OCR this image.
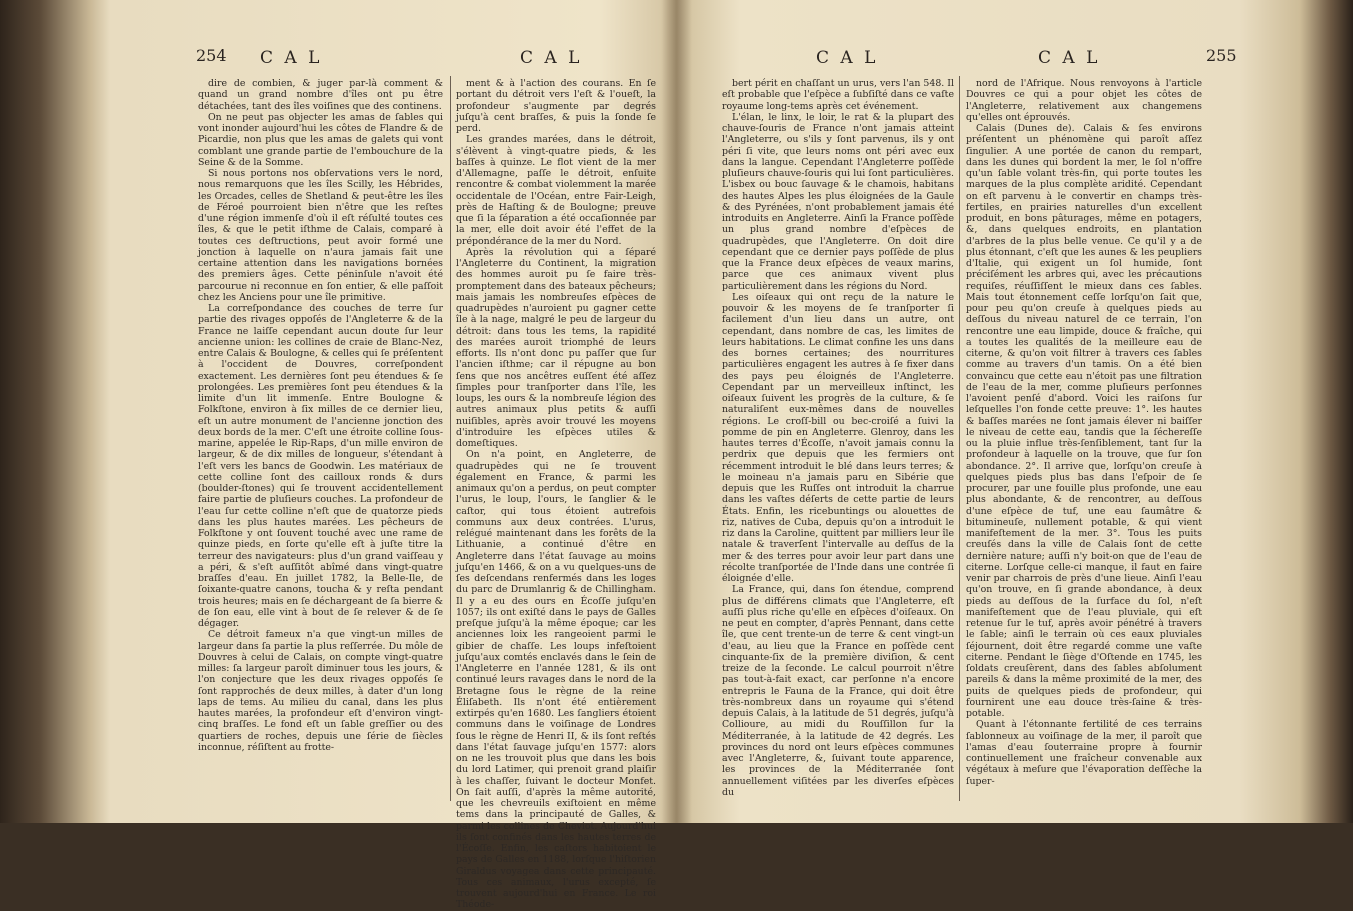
254 C A L	C A L

dire de combien, & juger par-là comment & quand un grand nombre d'îles ont pu être détachées, tant des îles voiſines que des continens.

On ne peut pas objecter les amas de ſables qui vont inonder aujourd'hui les côtes de Flandre & de Picardie, non plus que les amas de galets qui vont comblant une grande partie de l'embouchure de la Seine & de la Somme.

Si nous portons nos obſervations vers le nord, nous remarquons que les îles Scilly, les Hébrides, les Orcades, celles de Shetland & peut-être les îles de Féroé pourroient bien n'être que les reſtes d'une région immenſe d'où il eſt réſulté toutes ces îles, & que le petit iſthme de Calais, comparé à toutes ces deſtructions, peut avoir formé une jonction à laquelle on n'aura jamais fait une certaine attention dans les navigations bornées des premiers âges. Cette péninſule n'avoit été parcourue ni reconnue en ſon entier, & elle paſſoit chez les Anciens pour une île primitive.

La correſpondance des couches de terre ſur partie des rivages oppoſés de l'Angleterre & de la France ne laiſſe cependant aucun doute ſur leur ancienne union: les collines de craie de Blanc-Nez, entre Calais & Boulogne, & celles qui ſe préſentent à l'occident de Douvres, correſpondent exactement. Les dernières ſont peu étendues & ſe prolongées. Les premières ſont peu étendues & la limite d'un lit immenſe. Entre Boulogne & Folkſtone, environ à ſix milles de ce dernier lieu, eſt un autre monument de l'ancienne jonction des deux bords de la mer. C'eſt une étroite colline ſous-marine, appelée le Rip-Raps, d'un mille environ de largeur, & de dix milles de longueur, s'étendant à l'eſt vers les bancs de Goodwin. Les matériaux de cette colline ſont des cailloux ronds & durs (boulder-ſtones) qui ſe trouvent accidentellement faire partie de pluſieurs couches. La profondeur de l'eau ſur cette colline n'eſt que de quatorze pieds dans les plus hautes marées. Les pêcheurs de Folkſtone y ont ſouvent touché avec une rame de quinze pieds, en ſorte qu'elle eſt à juſte titre la terreur des navigateurs: plus d'un grand vaiſſeau y a péri, & s'eſt auſſitôt abîmé dans vingt-quatre braſſes d'eau. En juillet 1782, la Belle-Ile, de ſoixante-quatre canons, toucha & y reſta pendant trois heures; mais en ſe déchargeant de ſa bierre & de ſon eau, elle vint à bout de ſe relever & de ſe dégager.

Ce détroit fameux n'a que vingt-un milles de largeur dans ſa partie la plus reſſerrée. Du môle de Douvres à celui de Calais, on compte vingt-quatre milles: ſa largeur paroît diminuer tous les jours, & l'on conjecture que les deux rivages oppoſés ſe ſont rapprochés de deux milles, à dater d'un long laps de tems. Au milieu du canal, dans les plus hautes marées, la profondeur eſt d'environ vingt-cinq braſſes. Le fond eſt un ſable greſſier ou des quartiers de roches, depuis une ſérie de ſiècles inconnue, réſiſtent au frotte-

ment & à l'action des courans. En ſe portant du détroit vers l'eſt & l'oueſt, la profondeur s'augmente par degrés juſqu'à cent braſſes, & puis la ſonde ſe perd.

Les grandes marées, dans le détroit, s'élèvent à vingt-quatre pieds, & les baſſes à quinze. Le flot vient de la mer d'Allemagne, paſſe le détroit, enſuite rencontre & combat violemment la marée occidentale de l'Océan, entre Fair-Leigh, près de Haſting & de Boulogne; preuve que ſi la ſéparation a été occaſionnée par la mer, elle doit avoir été l'effet de la prépondérance de la mer du Nord.

Après la révolution qui a ſéparé l'Angleterre du Continent, la migration des hommes auroit pu ſe faire très-promptement dans des bateaux pêcheurs; mais jamais les nombreuſes eſpèces de quadrupèdes n'auroient pu gagner cette île à la nage, malgré le peu de largeur du détroit: dans tous les tems, la rapidité des marées auroit triomphé de leurs efforts. Ils n'ont donc pu paſſer que ſur l'ancien iſthme; car il répugne au bon ſens que nos ancêtres euſſent été aſſez ſimples pour tranſporter dans l'île, les loups, les ours & la nombreuſe légion des autres animaux plus petits & auſſi nuiſibles, après avoir trouvé les moyens d'introduire les eſpèces utiles & domeſtiques.

On n'a point, en Angleterre, de quadrupèdes qui ne ſe trouvent également en France, & parmi les animaux qu'on a perdus, on peut compter l'urus, le loup, l'ours, le ſanglier & le caſtor, qui tous étoient autrefois communs aux deux contrées. L'urus, relégué maintenant dans les forêts de la Lithuanie, a continué d'être en Angleterre dans l'état ſauvage au moins juſqu'en 1466, & on a vu quelques-uns de ſes deſcendans renfermés dans les loges du parc de Drumlanrig & de Chillingham. Il y a eu des ours en Écoſſe juſqu'en 1057; ils ont exiſté dans le pays de Galles preſque juſqu'à la même époque; car les anciennes loix les rangeoient parmi le gibier de chaſſe. Les loups infeſtoient juſqu'aux comtés enclavés dans le ſein de l'Angleterre en l'année 1281, & ils ont continué leurs ravages dans le nord de la Bretagne ſous le règne de la reine Éliſabeth. Ils n'ont été entièrement extirpés qu'en 1680. Les ſangliers étoient communs dans le voiſinage de Londres ſous le règne de Henri II, & ils ſont reſtés dans l'état ſauvage juſqu'en 1577: alors on ne les trouvoit plus que dans les bois du lord Latimer, qui prenoit grand plaiſir à les chaſſer, ſuivant le docteur Monfet. On ſait auſſi, d'après la même autorité, que les chevreuils exiſtoient en même tems dans la principauté de Galles, & parmi les collines de Cheviot. Aujourd'hui ils ſont confinés dans les hautes terres de l'Écoſſe. Enfin, les caſtors habitoient le pays de Galles en 1188, lorſque l'hiſtorien Giraldus voyagea dans cette principauté. Tous ces animaux, l'urus excepté, ſe trouvent aujourd'hui en France. Le roi Théode-

C A L	C A L	255

bert périt en chaſſant un urus, vers l'an 548. Il eſt probable que l'eſpèce a ſubſiſté dans ce vaſte royaume long-tems après cet événement.

L'élan, le linx, le loir, le rat & la plupart des chauve-ſouris de France n'ont jamais atteint l'Angleterre, ou s'ils y ſont parvenus, ils y ont péri ſi vite, que leurs noms ont péri avec eux dans la langue. Cependant l'Angleterre poſſède pluſieurs chauve-ſouris qui lui ſont particulières. L'isbex ou bouc ſauvage & le chamois, habitans des hautes Alpes les plus éloignées de la Gaule & des Pyrénées, n'ont probablement jamais été introduits en Angleterre. Ainſi la France poſſède un plus grand nombre d'eſpèces de quadrupèdes, que l'Angleterre. On doit dire cependant que ce dernier pays poſſède de plus que la France deux eſpèces de veaux marins, parce que ces animaux vivent plus particulièrement dans les régions du Nord.

Les oiſeaux qui ont reçu de la nature le pouvoir & les moyens de ſe tranſporter ſi facilement d'un lieu dans un autre, ont cependant, dans nombre de cas, les limites de leurs habitations. Le climat confine les uns dans des bornes certaines; des nourritures particulières engagent les autres à ſe fixer dans des pays peu éloignés de l'Angleterre. Cependant par un merveilleux inſtinct, les oiſeaux ſuivent les progrès de la culture, & ſe naturaliſent eux-mêmes dans de nouvelles régions. Le croſſ-bill ou bec-croiſé a ſuivi la pomme de pin en Angleterre. Glenroy, dans les hautes terres d'Écoſſe, n'avoit jamais connu la perdrix que depuis que les fermiers ont récemment introduit le blé dans leurs terres; & le moineau n'a jamais paru en Sibérie que depuis que les Ruſſes ont introduit la charrue dans les vaſtes déſerts de cette partie de leurs États. Enfin, les ricebuntings ou alouettes de riz, natives de Cuba, depuis qu'on a introduit le riz dans la Caroline, quittent par milliers leur île natale & traverſent l'intervalle au deſſus de la mer & des terres pour avoir leur part dans une récolte tranſportée de l'Inde dans une contrée ſi éloignée d'elle.

La France, qui, dans ſon étendue, comprend plus de différens climats que l'Angleterre, eſt auſſi plus riche qu'elle en eſpèces d'oiſeaux. On ne peut en compter, d'après Pennant, dans cette île, que cent trente-un de terre & cent vingt-un d'eau, au lieu que la France en poſſède cent cinquante-ſix de la première diviſion, & cent treize de la ſeconde. Le calcul pourroit n'être pas tout-à-fait exact, car perſonne n'a encore entrepris le Fauna de la France, qui doit être très-nombreux dans un royaume qui s'étend depuis Calais, à la latitude de 51 degrés, juſqu'à Collioure, au midi du Rouſſillon ſur la Méditerranée, à la latitude de 42 degrés. Les provinces du nord ont leurs eſpèces communes avec l'Angleterre, &, ſuivant toute apparence, les provinces de la Méditerranée ſont annuellement viſitées par les diverſes eſpèces du

nord de l'Afrique. Nous renvoyons à l'article Douvres ce qui a pour objet les côtes de l'Angleterre, relativement aux changemens qu'elles ont éprouvés.

Calais (Dunes de). Calais & ſes environs préſentent un phénomène qui paroît aſſez ſingulier. A une portée de canon du rempart, dans les dunes qui bordent la mer, le ſol n'offre qu'un ſable volant très-fin, qui porte toutes les marques de la plus complète aridité. Cependant on eſt parvenu à le convertir en champs très-fertiles, en prairies naturelles d'un excellent produit, en bons pâturages, même en potagers, &, dans quelques endroits, en plantation d'arbres de la plus belle venue. Ce qu'il y a de plus étonnant, c'eſt que les aunes & les peupliers d'Italie, qui exigent un ſol humide, ſont préciſément les arbres qui, avec les précautions requiſes, réuſſiſſent le mieux dans ces ſables. Mais tout étonnement ceſſe lorſqu'on ſait que, pour peu qu'on creuſe à quelques pieds au deſſous du niveau naturel de ce terrain, l'on rencontre une eau limpide, douce & fraîche, qui a toutes les qualités de la meilleure eau de citerne, & qu'on voit filtrer à travers ces ſables comme au travers d'un tamis. On a été bien convaincu que cette eau n'étoit pas une filtration de l'eau de la mer, comme pluſieurs perſonnes l'avoient penſé d'abord. Voici les raiſons ſur leſquelles l'on fonde cette preuve: 1°. les hautes & baſſes marées ne ſont jamais élever ni baiſſer le niveau de cette eau, tandis que la ſéchereſſe ou la pluie influe très-ſenſiblement, tant ſur la profondeur à laquelle on la trouve, que ſur ſon abondance. 2°. Il arrive que, lorſqu'on creuſe à quelques pieds plus bas dans l'eſpoir de ſe procurer, par une fouille plus profonde, une eau plus abondante, & de rencontrer, au deſſous d'une eſpèce de tuf, une eau ſaumâtre & bitumineuſe, nullement potable, & qui vient manifeſtement de la mer. 3°. Tous les puits creuſés dans la ville de Calais ſont de cette dernière nature; auſſi n'y boit-on que de l'eau de citerne. Lorſque celle-ci manque, il faut en faire venir par charrois de près d'une lieue. Ainſi l'eau qu'on trouve, en ſi grande abondance, à deux pieds au deſſous de la ſurface du ſol, n'eſt manifeſtement que de l'eau pluviale, qui eſt retenue ſur le tuf, après avoir pénétré à travers le ſable; ainſi le terrain où ces eaux pluviales ſéjournent, doit être regardé comme une vaſte citerne. Pendant le ſiège d'Oſtende en 1745, les ſoldats creuſèrent, dans des ſables abſolument pareils & dans la même proximité de la mer, des puits de quelques pieds de profondeur, qui fournirent une eau douce très-ſaine & très-potable.

Quant à l'étonnante fertilité de ces terrains ſablonneux au voiſinage de la mer, il paroît que l'amas d'eau ſouterraine propre à fournir continuellement une fraîcheur convenable aux végétaux à meſure que l'évaporation deſſèche la ſuper-
